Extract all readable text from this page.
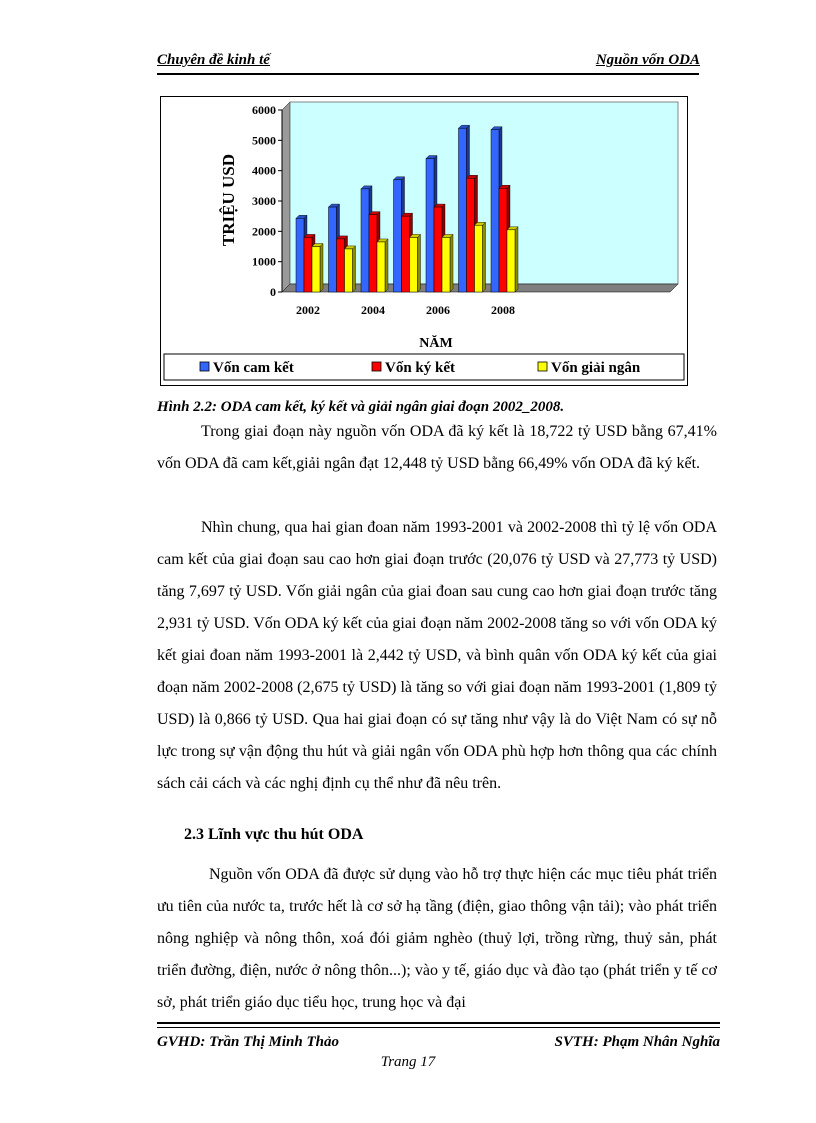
Chuyên đề kinh tế	Nguồn vốn ODA
0
1000
2000
3000
4000
5000
6000
2002	2004	2006	2008
TRIỆU USD
NĂM
Vốn cam kết	Vốn ký kết	Vốn giải ngân
Hình 2.2: ODA cam kết, ký kết và giải ngân giai đoạn 2002_2008.

Trong giai đoạn này nguồn vốn ODA đã ký kết là 18,722 tỷ USD bằng 67,41% vốn ODA đã cam kết,giải ngân đạt 12,448 tỷ USD bằng 66,49% vốn ODA đã ký kết.

Nhìn chung, qua hai gian đoan năm 1993-2001 và 2002-2008 thì tỷ lệ vốn ODA cam kết của giai đoạn sau cao hơn giai đoạn trước (20,076 tỷ USD và 27,773 tỷ USD) tăng 7,697 tỷ USD. Vốn giải ngân của giai đoan sau cung cao hơn giai đoạn trước tăng 2,931 tỷ USD. Vốn ODA ký kết của giai đoạn năm 2002-2008 tăng so với vốn ODA ký kết giai đoan năm 1993-2001 là 2,442 tỷ USD, và bình quân vốn ODA ký kết của giai đoạn năm 2002-2008 (2,675 tỷ USD) là tăng so với giai đoạn năm 1993-2001 (1,809 tỷ USD) là 0,866 tỷ USD. Qua hai giai đoạn có sự tăng như vậy là do Việt Nam có sự nỗ lực trong sự vận động thu hút và giải ngân vốn ODA phù hợp hơn thông qua các chính sách cải cách và các nghị định cụ thể như đã nêu trên.

2.3 Lĩnh vực thu hút ODA

Nguồn vốn ODA đã được sử dụng vào hỗ trợ thực hiện các mục tiêu phát triển ưu tiên của nước ta, trước hết là cơ sở hạ tầng (điện, giao thông vận tải); vào phát triển nông nghiệp và nông thôn, xoá đói giảm nghèo (thuỷ lợi, trồng rừng, thuỷ sản, phát triển đường, điện, nước ở nông thôn...); vào y tế, giáo dục và đào tạo (phát triển y tế cơ sở, phát triển giáo dục tiểu học, trung học và đại

GVHD: Trần Thị Minh Thảo	SVTH: Phạm Nhân Nghĩa
Trang 17
